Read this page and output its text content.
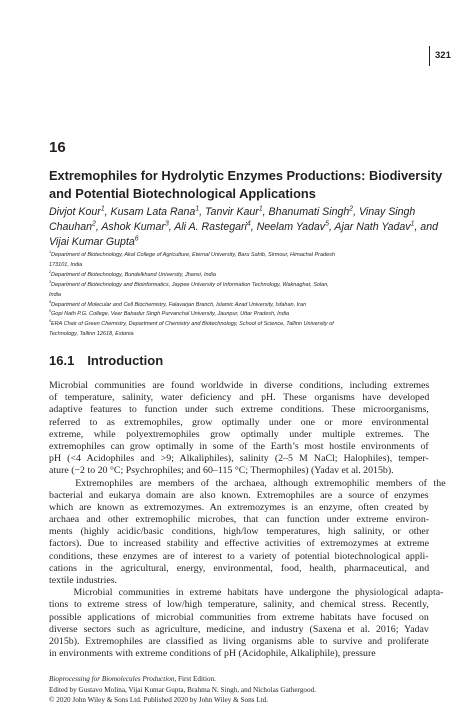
321
16
Extremophiles for Hydrolytic Enzymes Productions: Biodiversity
and Potential Biotechnological Applications
Divjot Kour$^1$, Kusam Lata Rana$^1$, Tanvir Kaur$^1$, Bhanumati Singh$^2$, Vinay Singh
Chauhan$^2$, Ashok Kumar$^3$, Ali A. Rastegari$^4$, Neelam Yadav$^5$, Ajar Nath Yadav$^1$, and
Vijai Kumar Gupta$^6$
$^1$Department of Biotechnology, Akal College of Agriculture, Eternal University, Baru Sahib, Sirmour, Himachal Pradesh
173101, India
$^2$Department of Biotechnology, Bundelkhand University, Jhansi, India
$^3$Department of Biotechnology and Bioinformatics, Jaypee University of Information Technology, Waknaghat, Solan,
India
$^4$Department of Molecular and Cell Biochemistry, Falavarjan Branch, Islamic Azad University, Isfahan, Iran
$^5$Gopi Nath P.G. College, Veer Bahadur Singh Purvanchal University, Jaunpur, Uttar Pradesh, India
$^6$ERA Chair of Green Chemistry, Department of Chemistry and Biotechnology, School of Science, Tallinn University of
Technology, Tallinn 12618, Estonia
16.1 Introduction
Microbial communities are found worldwide in diverse conditions, including extremes
of temperature, salinity, water deficiency and pH. These organisms have developed
adaptive features to function under such extreme conditions. These microorganisms,
referred to as extremophiles, grow optimally under one or more environmental
extreme, while polyextremophiles grow optimally under multiple extremes. The
extremophiles can grow optimally in some of the Earth’s most hostile environments of
pH (<4 Acidophiles and >9; Alkaliphiles), salinity (2–5 M NaCl; Halophiles), temper-
ature (−2 to 20 °C; Psychrophiles; and 60–115 °C; Thermophiles) (Yadav et al. 2015b).
Extremophiles are members of the archaea, although extremophilic members of the
bacterial and eukarya domain are also known. Extremophiles are a source of enzymes
which are known as extremozymes. An extremozymes is an enzyme, often created by
archaea and other extremophilic microbes, that can function under extreme environ-
ments (highly acidic/basic conditions, high/low temperatures, high salinity, or other
factors). Due to increased stability and effective activities of extremozymes at extreme
conditions, these enzymes are of interest to a variety of potential biotechnological appli-
cations in the agricultural, energy, environmental, food, health, pharmaceutical, and
textile industries.
Microbial communities in extreme habitats have undergone the physiological adapta-
tions to extreme stress of low/high temperature, salinity, and chemical stress. Recently,
possible applications of microbial communities from extreme habitats have focused on
diverse sectors such as agriculture, medicine, and industry (Saxena et al. 2016; Yadav
2015b). Extremophiles are classified as living organisms able to survive and proliferate
in environments with extreme conditions of pH (Acidophile, Alkaliphile), pressure
Bioprocessing for Biomolecules Production, First Edition.
Edited by Gustavo Molina, Vijai Kumar Gupta, Brahma N. Singh, and Nicholas Gathergood.
© 2020 John Wiley & Sons Ltd. Published 2020 by John Wiley & Sons Ltd.
